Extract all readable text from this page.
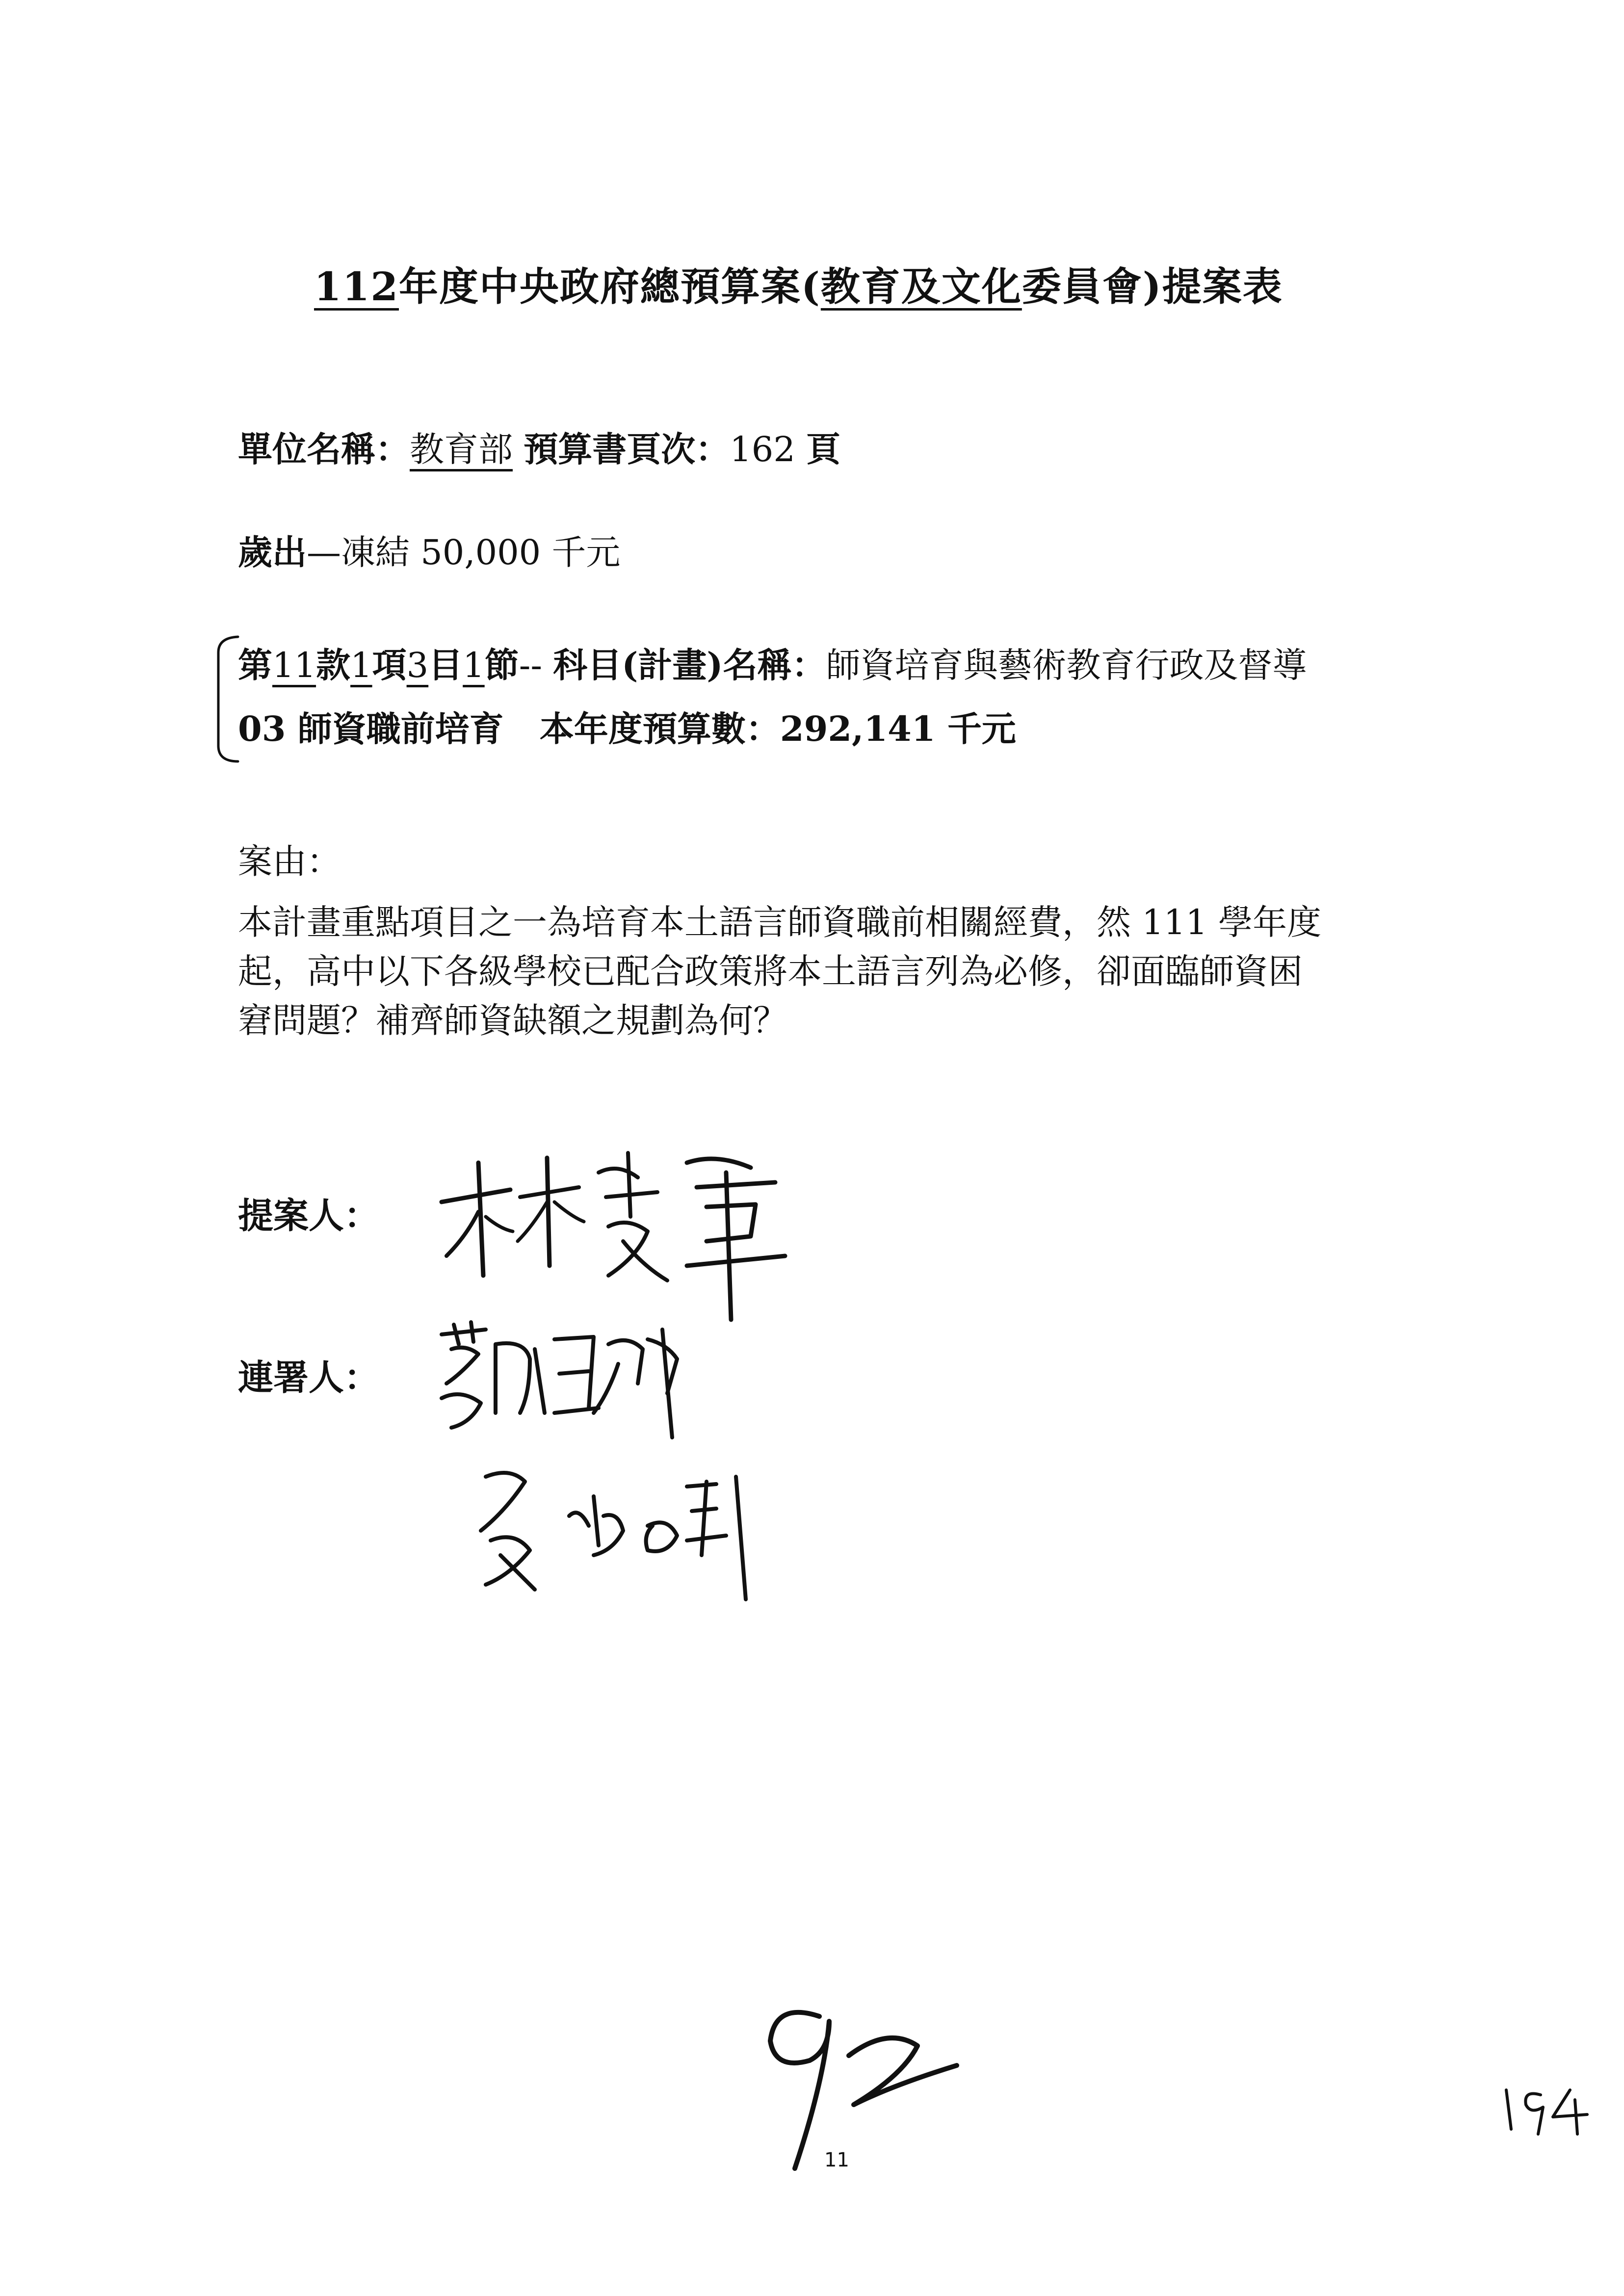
112年度中央政府總預算案(教育及文化委員會)提案表
單位名稱：教育部 預算書頁次：162 頁
歲出—凍結 50,000 千元
第11款1項3目1節-- 科目(計畫)名稱：師資培育與藝術教育行政及督導
03 師資職前培育 本年度預算數：292,141 千元
案由：
本計畫重點項目之一為培育本土語言師資職前相關經費，然 111 學年度
起，高中以下各級學校已配合政策將本土語言列為必修，卻面臨師資困
窘問題？補齊師資缺額之規劃為何？
提案人：
連署人：
11
